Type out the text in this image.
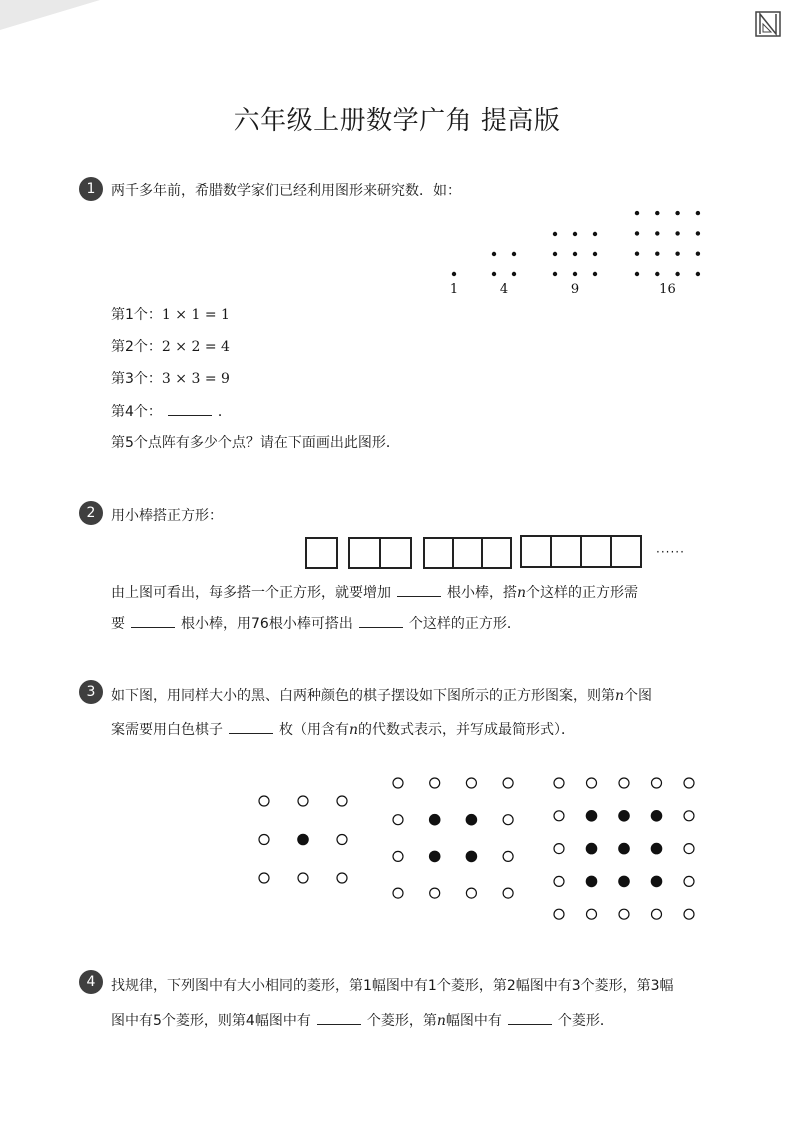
六年级上册数学广角 提高版
1	两千多年前，希腊数学家们已经利用图形来研究数．如：
1	4	9	16
第1个：1 × 1 = 1
第2个：2 × 2 = 4
第3个：3 × 3 = 9
第4个：	．
第5个点阵有多少个点？请在下面画出此图形．
2	用小棒搭正方形：
······
由上图可看出，每多搭一个正方形，就要增加	根小棒，搭n个这样的正方形需
要	根小棒，用76根小棒可搭出	个这样的正方形．
3	如下图，用同样大小的黑、白两种颜色的棋子摆设如下图所示的正方形图案，则第n个图
案需要用白色棋子	枚（用含有n的代数式表示，并写成最简形式）．
4	找规律，下列图中有大小相同的菱形，第1幅图中有1个菱形，第2幅图中有3个菱形，第3幅
图中有5个菱形，则第4幅图中有	个菱形，第n幅图中有	个菱形．
